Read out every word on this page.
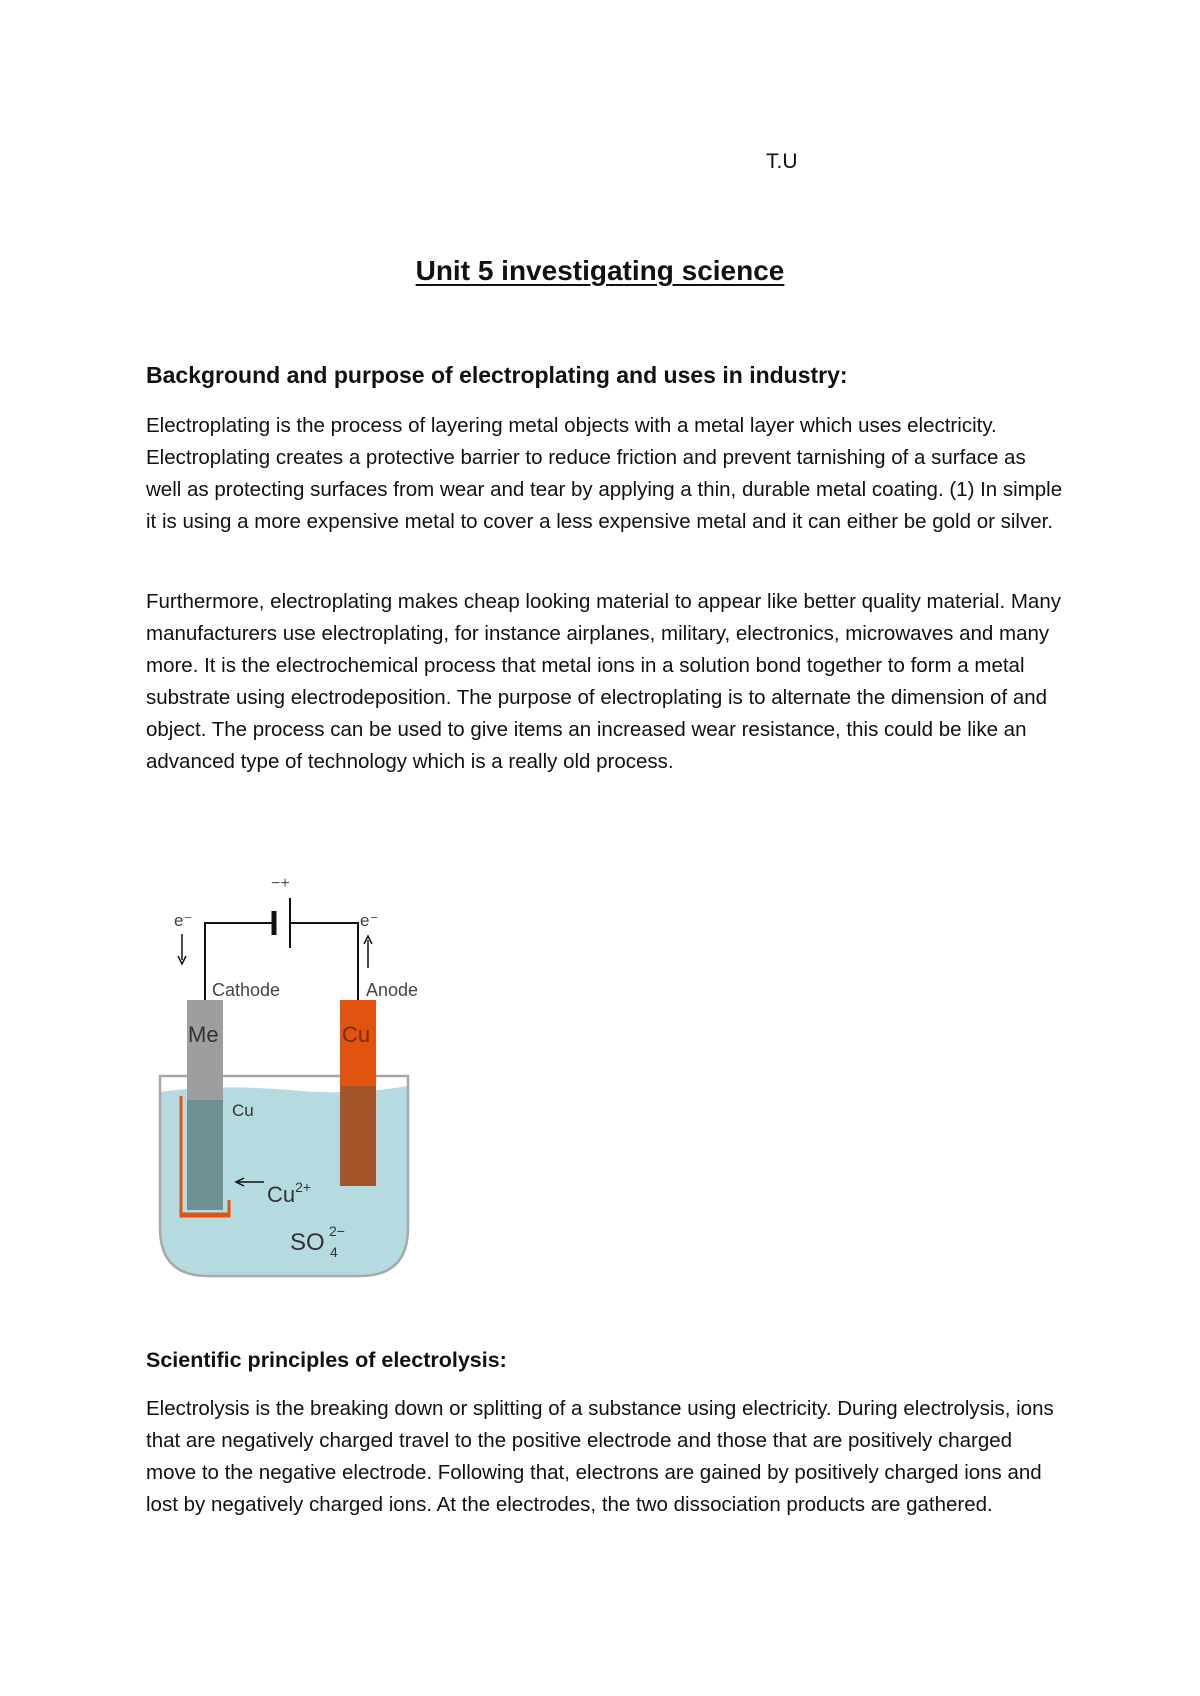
T.U
Unit 5 investigating science
Background and purpose of electroplating and uses in industry:

Electroplating is the process of layering metal objects with a metal layer which uses electricity. Electroplating creates a protective barrier to reduce friction and prevent tarnishing of a surface as well as protecting surfaces from wear and tear by applying a thin, durable metal coating. (1) In simple it is using a more expensive metal to cover a less expensive metal and it can either be gold or silver.

Furthermore, electroplating makes cheap looking material to appear like better quality material. Many manufacturers use electroplating, for instance airplanes, military, electronics, microwaves and many more. It is the electrochemical process that metal ions in a solution bond together to form a metal substrate using electrodeposition. The purpose of electroplating is to alternate the dimension of and object. The process can be used to give items an increased wear resistance, this could be like an advanced type of technology which is a really old process.

−+
e⁻	e⁻
Cathode	Anode
Me	Cu
Cu
$Cu^{2+}$
SO 2−
4
Scientific principles of electrolysis:

Electrolysis is the breaking down or splitting of a substance using electricity. During electrolysis, ions that are negatively charged travel to the positive electrode and those that are positively charged move to the negative electrode. Following that, electrons are gained by positively charged ions and lost by negatively charged ions. At the electrodes, the two dissociation products are gathered.
